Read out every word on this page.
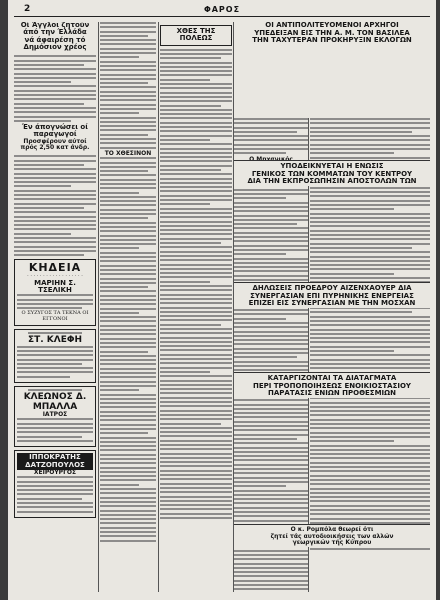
2	ΦΑΡΟΣ
Οί Άγγλοι ζητούν άπό την Έλλάδα
νά άφαιρέση τό Δημόσιον χρέος
Έν άπογνώσει οί παραγωγοί
Προσφέρουν αύτοί πρός 2,50 κατ άνδρ.
ΚΗΔΕΙΑ
· · · · · · · · · · · · · · · · · ·
ΜΑΡΙΗΝ Σ. ΤΣΕΛΙΚΗ
Ο ΣΥΖΥΓΟΣ ΤΑ ΤΕΚΝΑ ΟΙ ΕΓΓΟΝΟΙ
ΣΤ. ΚΛΕΦΗ
ΚΛΕΩΝΟΣ Δ. ΜΠΑΛΛΑ
ΙΑΤΡΟΣ
ΙΠΠΟΚΡΑΤΗΣ ΔΑΤΖΟΠΟΥΛΟΣ
ΧΕΙΡΟΥΡΓΟΣ
ΤΟ ΧΘΕΣΙΝΟΝ
ΧΘΕΣ ΤΗΣ ΠΟΛΕΩΣ
ΟΙ ΑΝΤΙΠΟΛΙΤΕΥΟΜΕΝΟΙ ΑΡΧΗΓΟΙ
ΥΠΕΔΕΙΞΑΝ ΕΙΣ ΤΗΝ Α. Μ. ΤΟΝ ΒΑΣΙΛΕΑ
ΤΗΝ ΤΑΧΥΤΕΡΑΝ ΠΡΟΚΗΡΥΞΙΝ ΕΚΛΟΓΩΝ
ΥΠΟΔΕΙΚΝΥΕΤΑΙ Η ΕΝΩΣΙΣ
ΓΕΝΙΚΟΣ ΤΩΝ ΚΟΜΜΑΤΩΝ ΤΟΥ ΚΕΝΤΡΟΥ
ΔΙΑ ΤΗΝ ΕΚΠΡΟΣΩΠΗΣΙΝ ΑΠΟΣΤΟΛΩΝ ΤΩΝ
ΔΗΛΩΣΕΙΣ ΠΡΟΕΔΡΟΥ ΑΙΖΕΝΧΑΟΥΕΡ ΔΙΑ
ΣΥΝΕΡΓΑΣΙΑΝ ΕΠΙ ΠΥΡΗΝΙΚΗΣ ΕΝΕΡΓΕΙΑΣ
ΕΠΙΖΕΙ ΕΙΣ ΣΥΝΕΡΓΑΣΙΑΝ ΜΕ ΤΗΝ ΜΟΣΧΑΝ
ΚΑΤΑΡΓΙΖΟΝΤΑΙ ΤΑ ΔΙΑΤΑΓΜΑΤΑ
ΠΕΡΙ ΤΡΟΠΟΠΟΙΗΣΕΩΣ ΕΝΟΙΚΙΟΣΤΑΣΙΟΥ
ΠΑΡΑΤΑΣΙΣ ΕΝΙΩΝ ΠΡΟΘΕΣΜΙΩΝ
Ο κ. Ρομπόλα θεωρεί ότι
ζητεί τάς αυτοδιοικήσεις των αλλών
γεωργικών τής Κύπρου
